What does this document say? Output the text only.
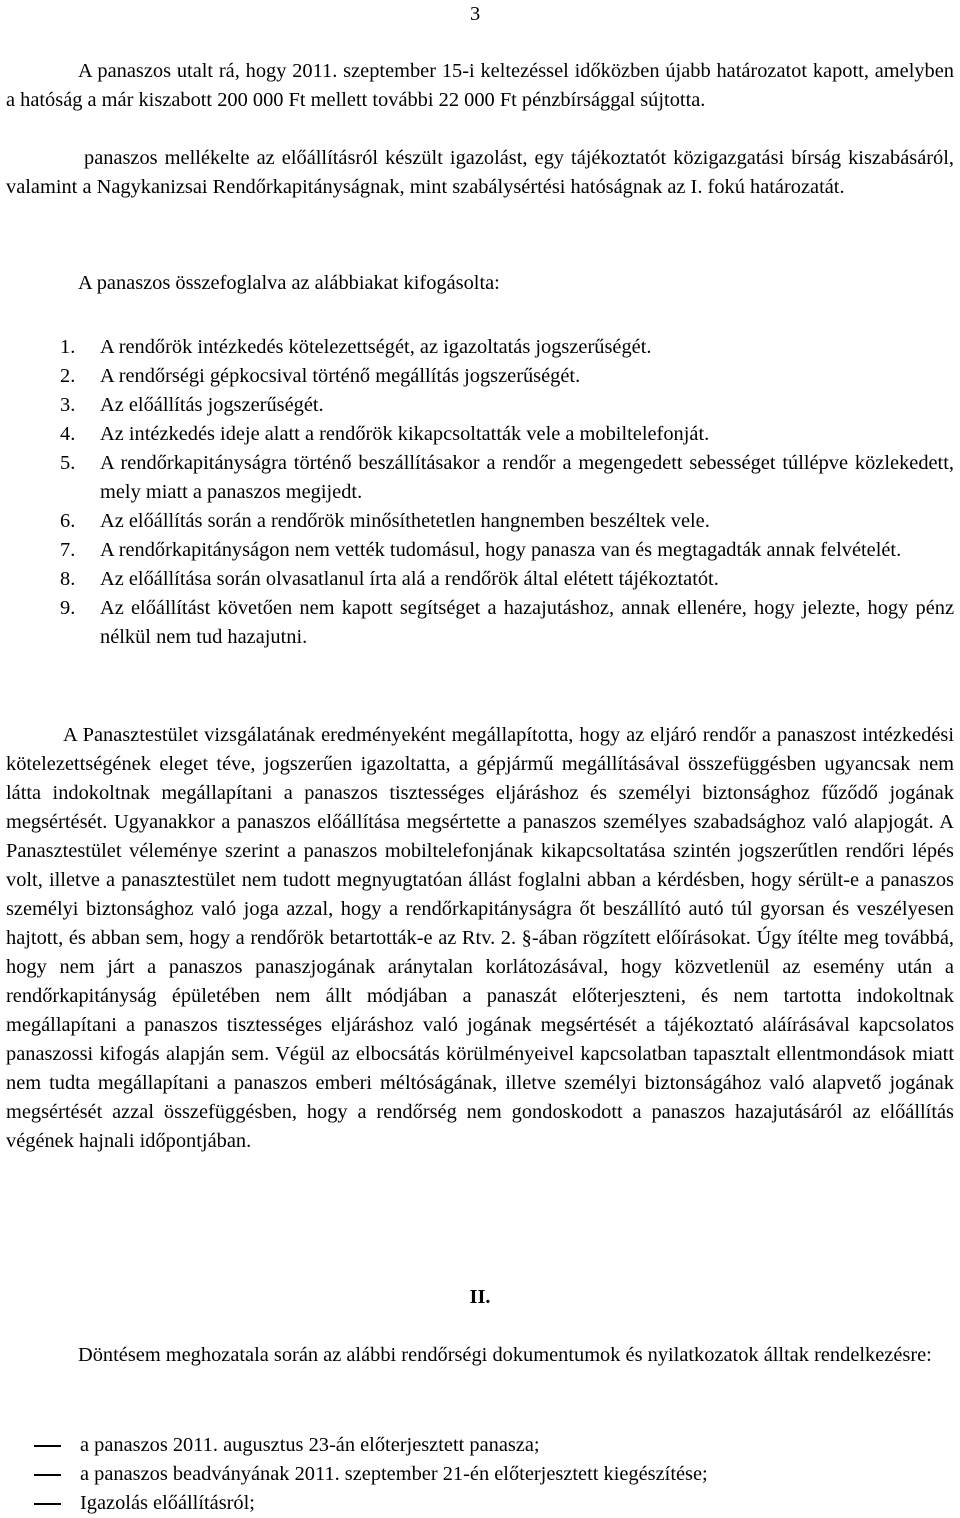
3

A panaszos utalt rá, hogy 2011. szeptember 15-i keltezéssel időközben újabb határozatot kapott, amelyben a hatóság a már kiszabott 200 000 Ft mellett további 22 000 Ft pénzbírsággal sújtotta.

panaszos mellékelte az előállításról készült igazolást, egy tájékoztatót közigazgatási bírság kiszabásáról, valamint a Nagykanizsai Rendőrkapitányságnak, mint szabálysértési hatóságnak az I. fokú határozatát.

A panaszos összefoglalva az alábbiakat kifogásolta:

1.	A rendőrök intézkedés kötelezettségét, az igazoltatás jogszerűségét.
2.	A rendőrségi gépkocsival történő megállítás jogszerűségét.
3.	Az előállítás jogszerűségét.
4.	Az intézkedés ideje alatt a rendőrök kikapcsoltatták vele a mobiltelefonját.
5.	A rendőrkapitányságra történő beszállításakor a rendőr a megengedett sebességet túllépve közlekedett, mely miatt a panaszos megijedt.
6.	Az előállítás során a rendőrök minősíthetetlen hangnemben beszéltek vele.
7.	A rendőrkapitányságon nem vették tudomásul, hogy panasza van és megtagadták annak felvételét.
8.	Az előállítása során olvasatlanul írta alá a rendőrök által elétett tájékoztatót.
9.	Az előállítást követően nem kapott segítséget a hazajutáshoz, annak ellenére, hogy jelezte, hogy pénz nélkül nem tud hazajutni.

A Panasztestület vizsgálatának eredményeként megállapította, hogy az eljáró rendőr a panaszost intézkedési kötelezettségének eleget téve, jogszerűen igazoltatta, a gépjármű megállításával összefüggésben ugyancsak nem látta indokoltnak megállapítani a panaszos tisztességes eljáráshoz és személyi biztonsághoz fűződő jogának megsértését. Ugyanakkor a panaszos előállítása megsértette a panaszos személyes szabadsághoz való alapjogát. A Panasztestület véleménye szerint a panaszos mobiltelefonjának kikapcsoltatása szintén jogszerűtlen rendőri lépés volt, illetve a panasztestület nem tudott megnyugtatóan állást foglalni abban a kérdésben, hogy sérült-e a panaszos személyi biztonsághoz való joga azzal, hogy a rendőrkapitányságra őt beszállító autó túl gyorsan és veszélyesen hajtott, és abban sem, hogy a rendőrök betartották-e az Rtv. 2. §-ában rögzített előírásokat. Úgy ítélte meg továbbá, hogy nem járt a panaszos panaszjogának aránytalan korlátozásával, hogy közvetlenül az esemény után a rendőrkapitányság épületében nem állt módjában a panaszát előterjeszteni, és nem tartotta indokoltnak megállapítani a panaszos tisztességes eljáráshoz való jogának megsértését a tájékoztató aláírásával kapcsolatos panaszossi kifogás alapján sem. Végül az elbocsátás körülményeivel kapcsolatban tapasztalt ellentmondások miatt nem tudta megállapítani a panaszos emberi méltóságának, illetve személyi biztonságához való alapvető jogának megsértését azzal összefüggésben, hogy a rendőrség nem gondoskodott a panaszos hazajutásáról az előállítás végének hajnali időpontjában.

II.

Döntésem meghozatala során az alábbi rendőrségi dokumentumok és nyilatkozatok álltak rendelkezésre:

a panaszos 2011. augusztus 23-án előterjesztett panasza;
a panaszos beadványának 2011. szeptember 21-én előterjesztett kiegészítése;
Igazolás előállításról;
